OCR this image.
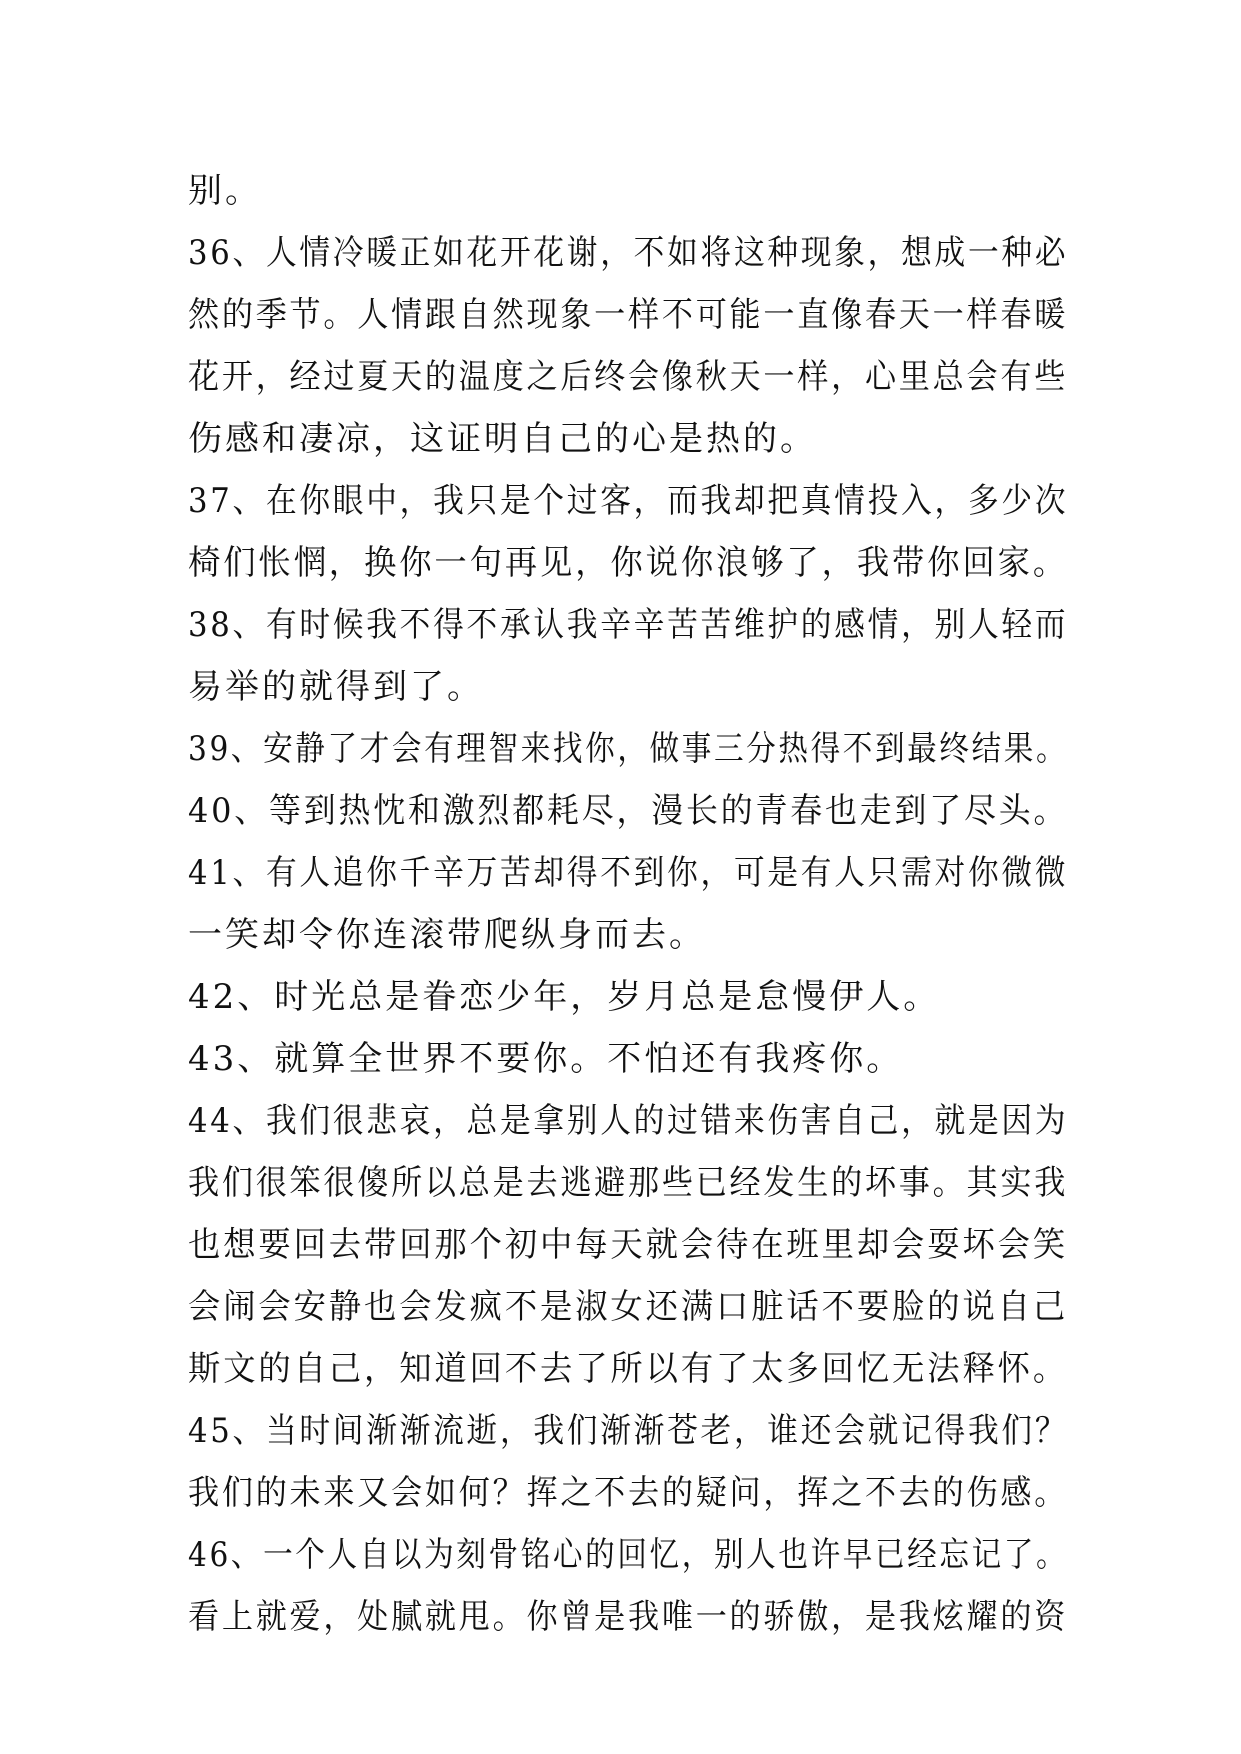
别。
36、人情冷暖正如花开花谢，不如将这种现象，想成一种必
然的季节。人情跟自然现象一样不可能一直像春天一样春暖
花开，经过夏天的温度之后终会像秋天一样，心里总会有些
伤感和凄凉，这证明自己的心是热的。
37、在你眼中，我只是个过客，而我却把真情投入，多少次
椅们怅惘，换你一句再见，你说你浪够了，我带你回家。
38、有时候我不得不承认我辛辛苦苦维护的感情，别人轻而
易举的就得到了。
39、安静了才会有理智来找你，做事三分热得不到最终结果。
40、等到热忱和激烈都耗尽，漫长的青春也走到了尽头。
41、有人追你千辛万苦却得不到你，可是有人只需对你微微
一笑却令你连滚带爬纵身而去。
42、时光总是眷恋少年，岁月总是怠慢伊人。
43、就算全世界不要你。不怕还有我疼你。
44、我们很悲哀，总是拿别人的过错来伤害自己，就是因为
我们很笨很傻所以总是去逃避那些已经发生的坏事。其实我
也想要回去带回那个初中每天就会待在班里却会耍坏会笑
会闹会安静也会发疯不是淑女还满口脏话不要脸的说自己
斯文的自己，知道回不去了所以有了太多回忆无法释怀。
45、当时间渐渐流逝，我们渐渐苍老，谁还会就记得我们？
我们的未来又会如何？挥之不去的疑问，挥之不去的伤感。
46、一个人自以为刻骨铭心的回忆，别人也许早已经忘记了。
看上就爱，处腻就甩。你曾是我唯一的骄傲，是我炫耀的资
